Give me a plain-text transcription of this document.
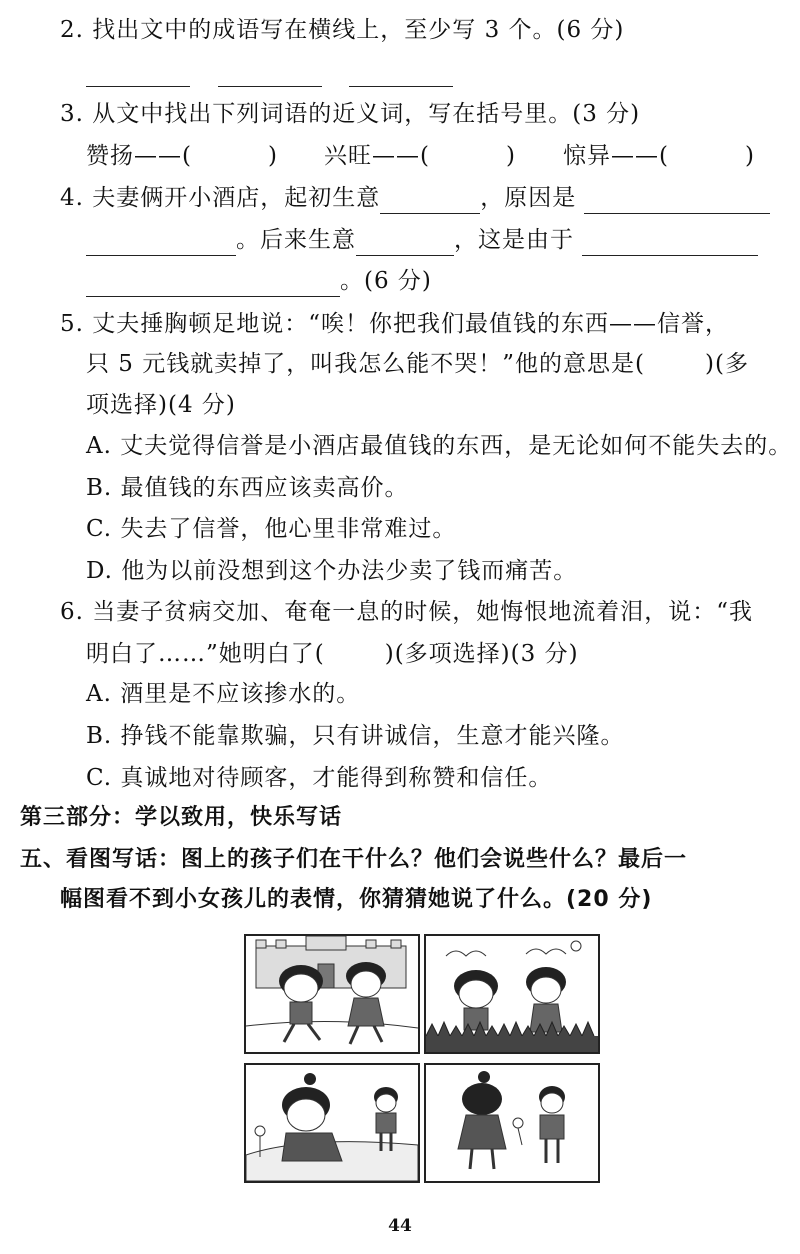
2. 找出文中的成语写在横线上，至少写 3 个。(6 分)
3. 从文中找出下列词语的近义词，写在括号里。(3 分)
赞扬——(	) 兴旺——(	) 惊异——(	)
4. 夫妻俩开小酒店，起初生意	，原因是
。后来生意	，这是由于
。(6 分)
5. 丈夫捶胸顿足地说：“唉！你把我们最值钱的东西——信誉，
只 5 元钱就卖掉了，叫我怎么能不哭！”他的意思是(	)(多
项选择)(4 分)
A. 丈夫觉得信誉是小酒店最值钱的东西，是无论如何不能失去的。
B. 最值钱的东西应该卖高价。
C. 失去了信誉，他心里非常难过。
D. 他为以前没想到这个办法少卖了钱而痛苦。
6. 当妻子贫病交加、奄奄一息的时候，她悔恨地流着泪，说：“我
明白了……”她明白了(	)(多项选择)(3 分)
A. 酒里是不应该掺水的。
B. 挣钱不能靠欺骗，只有讲诚信，生意才能兴隆。
C. 真诚地对待顾客，才能得到称赞和信任。
第三部分：学以致用，快乐写话
五、看图写话：图上的孩子们在干什么？他们会说些什么？最后一
幅图看不到小女孩儿的表情，你猜猜她说了什么。(20 分)
44
